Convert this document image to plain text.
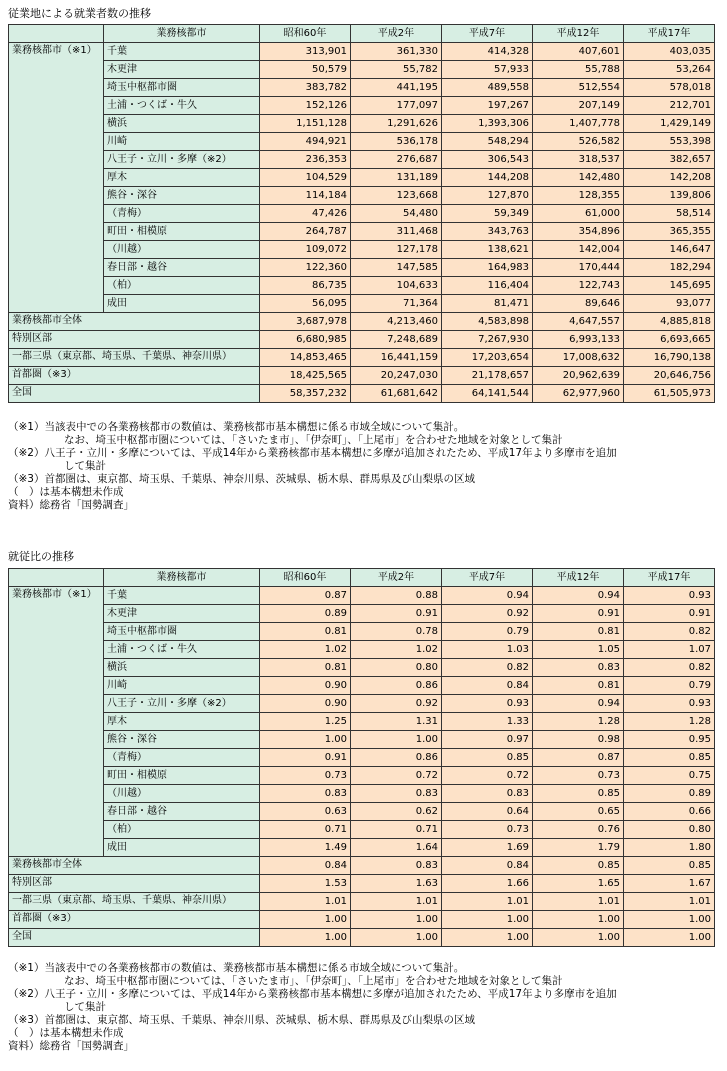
従業地による就業者数の推移
	業務核都市	昭和60年	平成2年	平成7年	平成12年	平成17年
業務核都市（※1）	千葉	313,901	361,330	414,328	407,601	403,035
	木更津	50,579	55,782	57,933	55,788	53,264
	埼玉中枢都市圏	383,782	441,195	489,558	512,554	578,018
	土浦・つくば・牛久	152,126	177,097	197,267	207,149	212,701
	横浜	1,151,128	1,291,626	1,393,306	1,407,778	1,429,149
	川崎	494,921	536,178	548,294	526,582	553,398
	八王子・立川・多摩（※2）	236,353	276,687	306,543	318,537	382,657
	厚木	104,529	131,189	144,208	142,480	142,208
	熊谷・深谷	114,184	123,668	127,870	128,355	139,806
	（青梅）	47,426	54,480	59,349	61,000	58,514
	町田・相模原	264,787	311,468	343,763	354,896	365,355
	（川越）	109,072	127,178	138,621	142,004	146,647
	春日部・越谷	122,360	147,585	164,983	170,444	182,294
	（柏）	86,735	104,633	116,404	122,743	145,695
	成田	56,095	71,364	81,471	89,646	93,077
業務核都市全体		3,687,978	4,213,460	4,583,898	4,647,557	4,885,818
特別区部		6,680,985	7,248,689	7,267,930	6,993,133	6,693,665
一都三県（東京都、埼玉県、千葉県、神奈川県）		14,853,465	16,441,159	17,203,654	17,008,632	16,790,138
首都圏（※3）		18,425,565	20,247,030	21,178,657	20,962,639	20,646,756
全国		58,357,232	61,681,642	64,141,544	62,977,960	61,505,973
（※1）当該表中での各業務核都市の数値は、業務核都市基本構想に係る市域全域について集計。
なお、埼玉中枢都市圏については、「さいたま市」、「伊奈町」、「上尾市」を合わせた地域を対象として集計
（※2）八王子・立川・多摩については、平成14年から業務核都市基本構想に多摩が追加されたため、平成17年より多摩市を追加
して集計
（※3）首都圏は、東京都、埼玉県、千葉県、神奈川県、茨城県、栃木県、群馬県及び山梨県の区域
（　）は基本構想未作成
資料）総務省「国勢調査」
就従比の推移
	業務核都市	昭和60年	平成2年	平成7年	平成12年	平成17年
業務核都市（※1）	千葉	0.87	0.88	0.94	0.94	0.93
	木更津	0.89	0.91	0.92	0.91	0.91
	埼玉中枢都市圏	0.81	0.78	0.79	0.81	0.82
	土浦・つくば・牛久	1.02	1.02	1.03	1.05	1.07
	横浜	0.81	0.80	0.82	0.83	0.82
	川崎	0.90	0.86	0.84	0.81	0.79
	八王子・立川・多摩（※2）	0.90	0.92	0.93	0.94	0.93
	厚木	1.25	1.31	1.33	1.28	1.28
	熊谷・深谷	1.00	1.00	0.97	0.98	0.95
	（青梅）	0.91	0.86	0.85	0.87	0.85
	町田・相模原	0.73	0.72	0.72	0.73	0.75
	（川越）	0.83	0.83	0.83	0.85	0.89
	春日部・越谷	0.63	0.62	0.64	0.65	0.66
	（柏）	0.71	0.71	0.73	0.76	0.80
	成田	1.49	1.64	1.69	1.79	1.80
業務核都市全体		0.84	0.83	0.84	0.85	0.85
特別区部		1.53	1.63	1.66	1.65	1.67
一都三県（東京都、埼玉県、千葉県、神奈川県）		1.01	1.01	1.01	1.01	1.01
首都圏（※3）		1.00	1.00	1.00	1.00	1.00
全国		1.00	1.00	1.00	1.00	1.00
（※1）当該表中での各業務核都市の数値は、業務核都市基本構想に係る市域全域について集計。
なお、埼玉中枢都市圏については、「さいたま市」、「伊奈町」、「上尾市」を合わせた地域を対象として集計
（※2）八王子・立川・多摩については、平成14年から業務核都市基本構想に多摩が追加されたため、平成17年より多摩市を追加
して集計
（※3）首都圏は、東京都、埼玉県、千葉県、神奈川県、茨城県、栃木県、群馬県及び山梨県の区域
（　）は基本構想未作成
資料）総務省「国勢調査」
